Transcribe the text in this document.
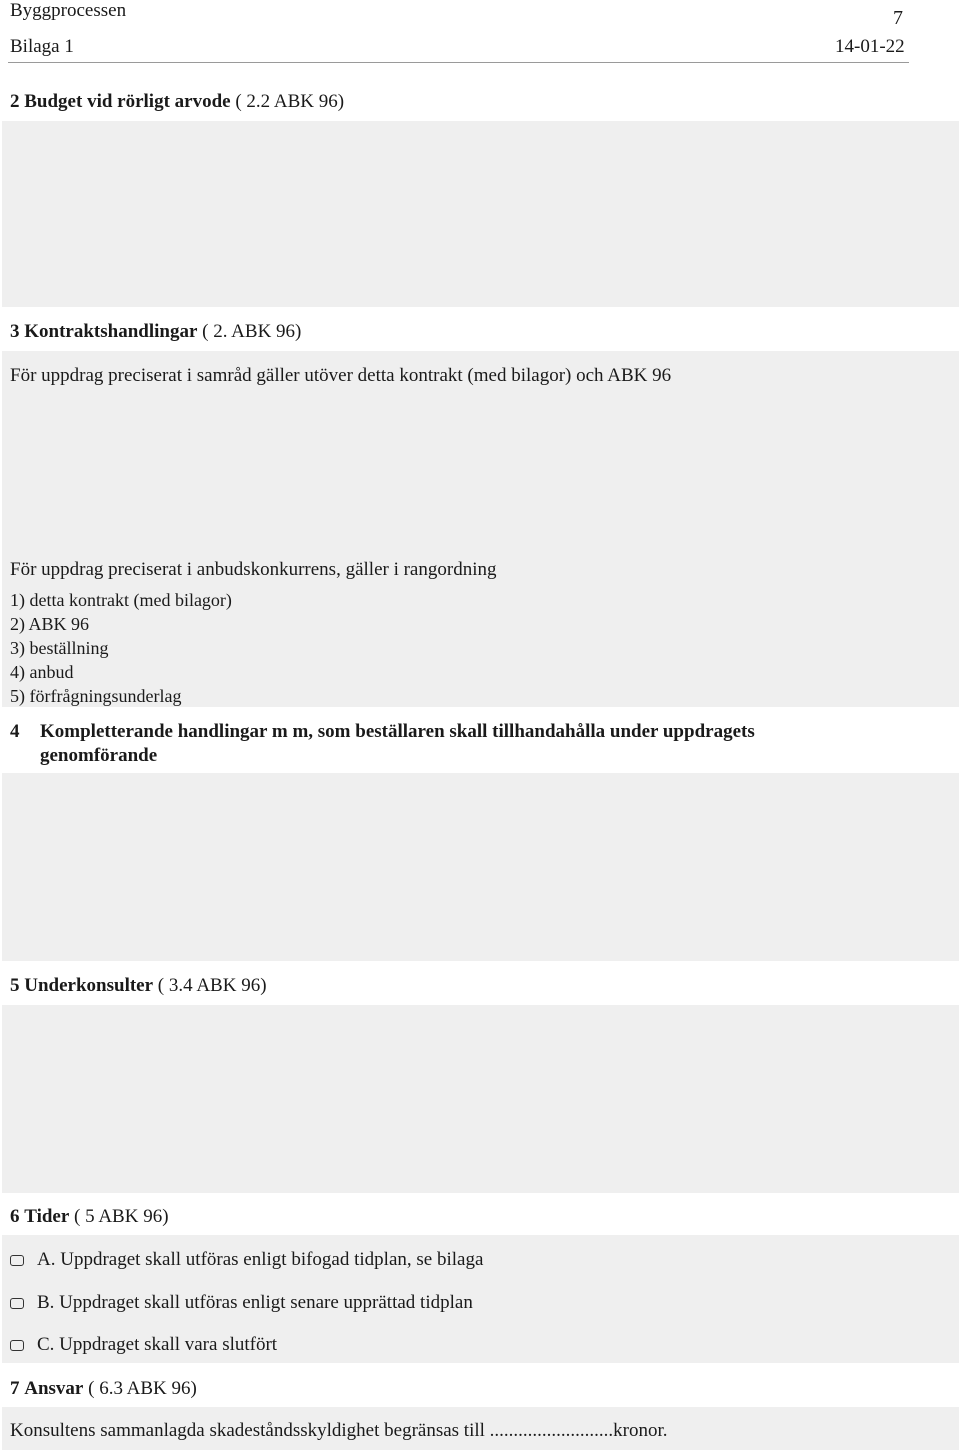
Byggprocessen	7
Bilaga 1	14-01-22
2 Budget vid rörligt arvode ( 2.2 ABK 96)
3 Kontraktshandlingar ( 2. ABK 96)
För uppdrag preciserat i samråd gäller utöver detta kontrakt (med bilagor) och ABK 96
För uppdrag preciserat i anbudskonkurrens, gäller i rangordning
1) detta kontrakt (med bilagor)
2) ABK 96
3) beställning
4) anbud
5) förfrågningsunderlag
4 Kompletterande handlingar m m, som beställaren skall tillhandahålla under uppdragets genomförande
5 Underkonsulter ( 3.4 ABK 96)
6 Tider ( 5 ABK 96)
A. Uppdraget skall utföras enligt bifogad tidplan, se bilaga
B. Uppdraget skall utföras enligt senare upprättad tidplan
C. Uppdraget skall vara slutfört
7 Ansvar ( 6.3 ABK 96)
Konsultens sammanlagda skadeståndsskyldighet begränsas till ..........................kronor.
